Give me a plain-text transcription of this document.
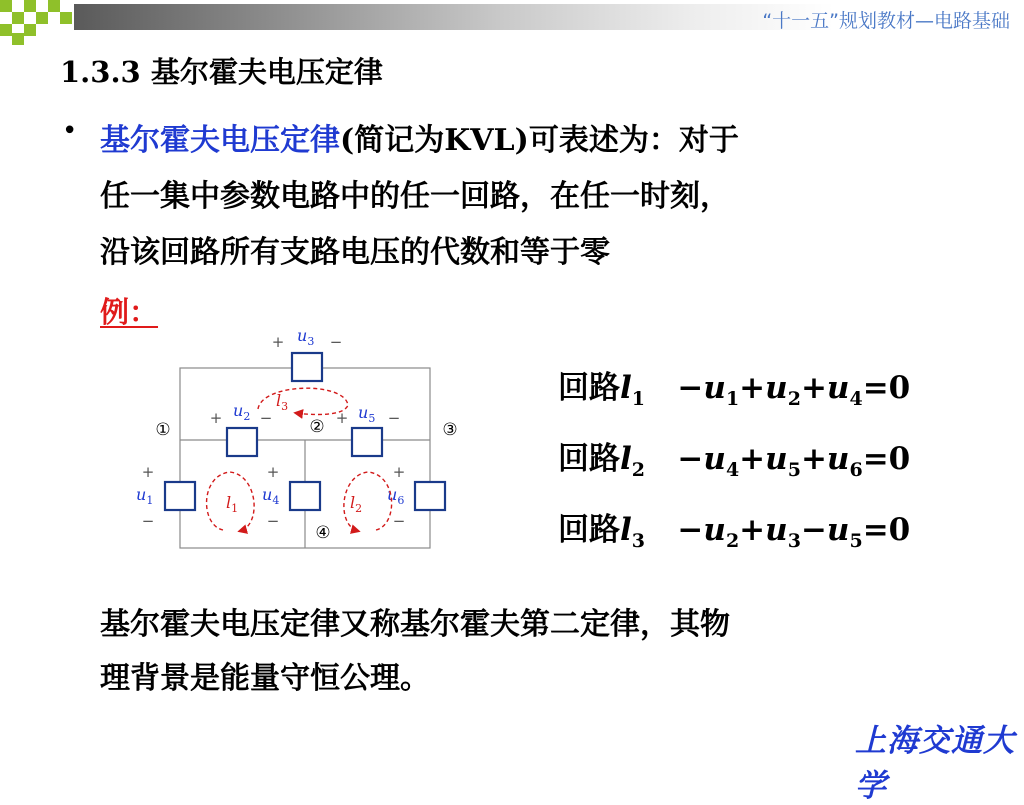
“十一五”规划教材—电路基础
1.3.3 基尔霍夫电压定律
• 基尔霍夫电压定律(简记为KVL)可表述为：对于
任一集中参数电路中的任一回路，在任一时刻，
沿该回路所有支路电压的代数和等于零
例：
①	②	③
④
$u_3$
$u_2$	$u_5$
$u_1$	$u_4$	$u_6$
+	−
+ −	+	−
+
−
+
−
+
−
$l_3$
$l_1$	$l_2$
回路$l_1 -u_1+u_2+u_4=0$
回路$l_2 -u_4+u_5+u_6=0$
回路$l_3 -u_2+u_3-u_5=0$
基尔霍夫电压定律又称基尔霍夫第二定律，其物
理背景是能量守恒公理。
上海交通大学
